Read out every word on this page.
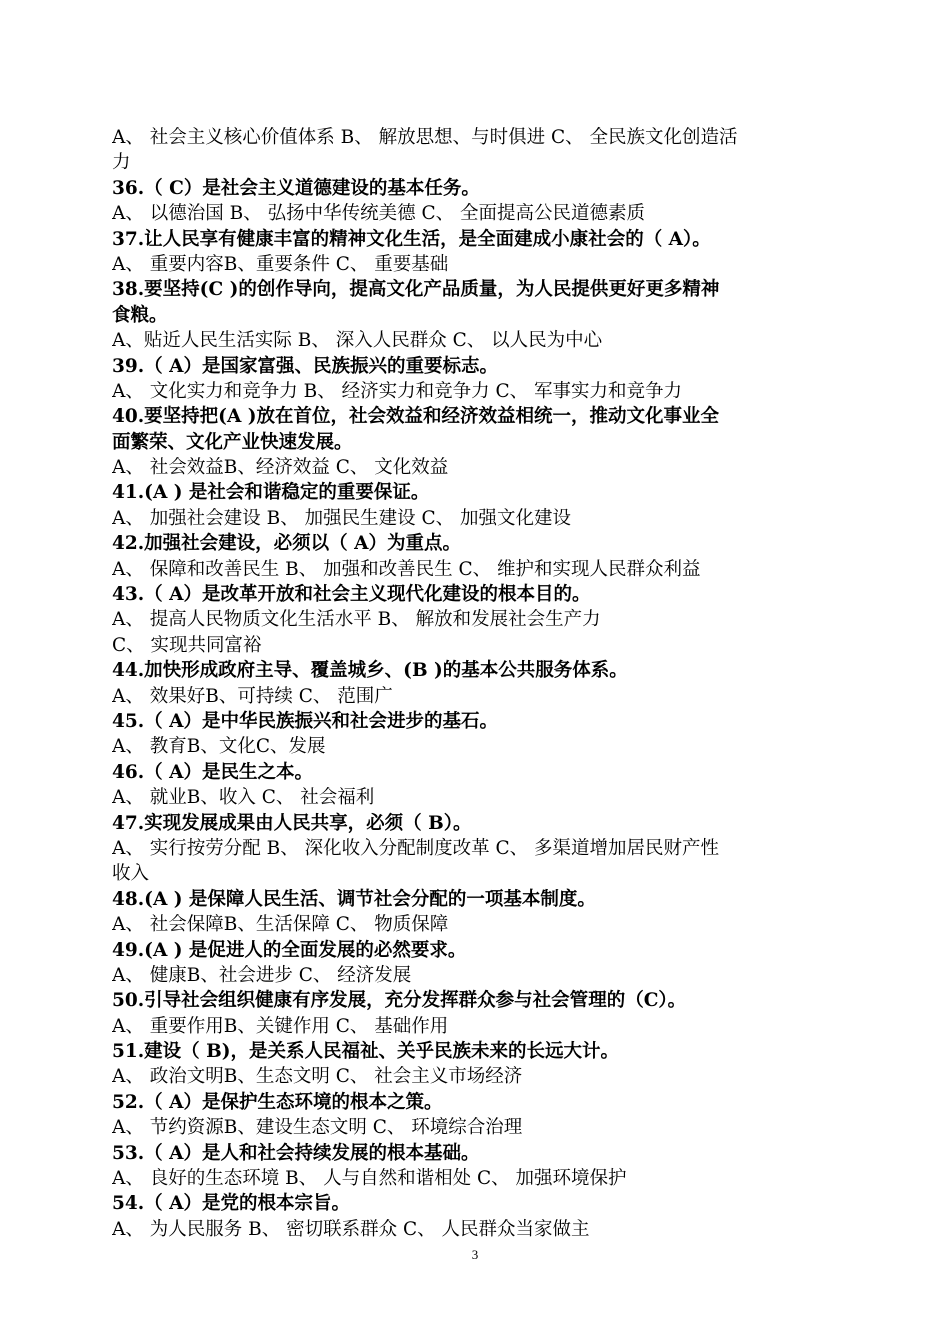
A、 社会主义核心价值体系 B、 解放思想、与时俱进 C、 全民族文化创造活
力
36.（ C）是社会主义道德建设的基本任务。
A、 以德治国 B、 弘扬中华传统美德 C、 全面提高公民道德素质
37.让人民享有健康丰富的精神文化生活，是全面建成小康社会的（ A）。
A、 重要内容B、重要条件 C、 重要基础
38.要坚持(C )的创作导向，提高文化产品质量，为人民提供更好更多精神
食粮。
A、贴近人民生活实际 B、 深入人民群众 C、 以人民为中心
39.（ A）是国家富强、民族振兴的重要标志。
A、 文化实力和竞争力 B、 经济实力和竞争力 C、 军事实力和竞争力
40.要坚持把(A )放在首位，社会效益和经济效益相统一，推动文化事业全
面繁荣、文化产业快速发展。
A、 社会效益B、经济效益 C、 文化效益
41.(A ) 是社会和谐稳定的重要保证。
A、 加强社会建设 B、 加强民生建设 C、 加强文化建设
42.加强社会建设，必须以（ A）为重点。
A、 保障和改善民生 B、 加强和改善民生 C、 维护和实现人民群众利益
43.（ A）是改革开放和社会主义现代化建设的根本目的。
A、 提高人民物质文化生活水平 B、 解放和发展社会生产力
C、 实现共同富裕
44.加快形成政府主导、覆盖城乡、(B )的基本公共服务体系。
A、 效果好B、可持续 C、 范围广
45.（ A）是中华民族振兴和社会进步的基石。
A、 教育B、文化C、发展
46.（ A）是民生之本。
A、 就业B、收入 C、 社会福利
47.实现发展成果由人民共享，必须（ B）。
A、 实行按劳分配 B、 深化收入分配制度改革 C、 多渠道增加居民财产性
收入
48.(A ) 是保障人民生活、调节社会分配的一项基本制度。
A、 社会保障B、生活保障 C、 物质保障
49.(A ) 是促进人的全面发展的必然要求。
A、 健康B、社会进步 C、 经济发展
50.引导社会组织健康有序发展，充分发挥群众参与社会管理的（C）。
A、 重要作用B、关键作用 C、 基础作用
51.建设（ B)，是关系人民福祉、关乎民族未来的长远大计。
A、 政治文明B、生态文明 C、 社会主义市场经济
52.（ A）是保护生态环境的根本之策。
A、 节约资源B、建设生态文明 C、 环境综合治理
53.（ A）是人和社会持续发展的根本基础。
A、 良好的生态环境 B、 人与自然和谐相处 C、 加强环境保护
54.（ A）是党的根本宗旨。
A、 为人民服务 B、 密切联系群众 C、 人民群众当家做主
3
